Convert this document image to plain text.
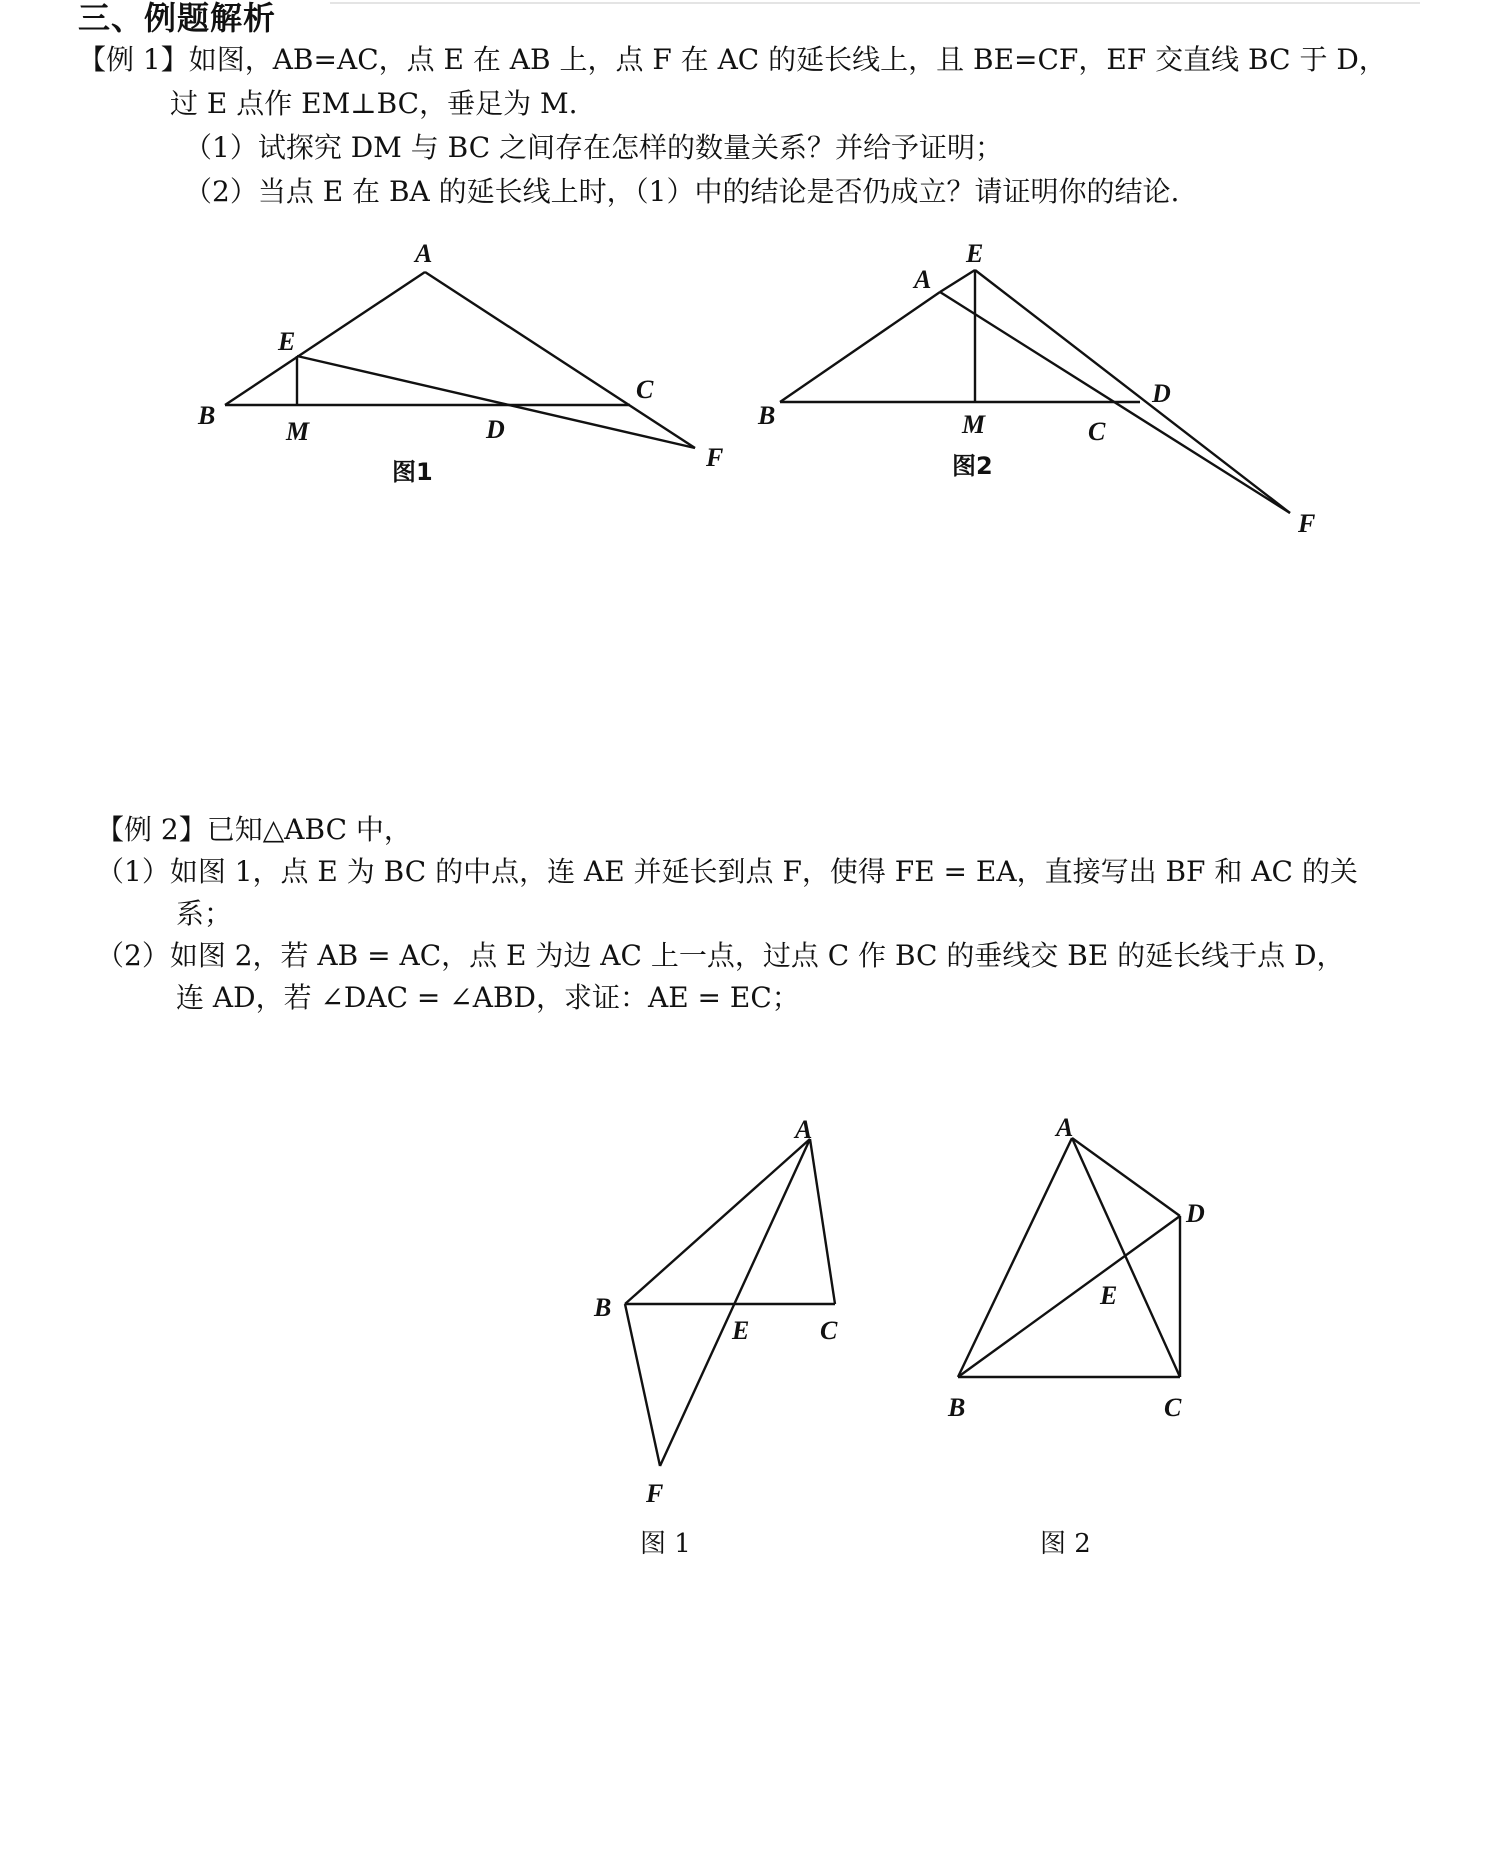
三、例题解析
【例 1】如图，AB=AC，点 E 在 AB 上，点 F 在 AC 的延长线上，且 BE=CF，EF 交直线 BC 于 D，
过 E 点作 EM⊥BC，垂足为 M.
（1）试探究 DM 与 BC 之间存在怎样的数量关系？并给予证明；
（2）当点 E 在 BA 的延长线上时，（1）中的结论是否仍成立？请证明你的结论.
A
E
B
M	D
C
F
图1
E
A
B	M	C
D
F
图2
【例 2】已知△ABC 中，
（1）如图 1，点 E 为 BC 的中点，连 AE 并延长到点 F，使得 FE = EA，直接写出 BF 和 AC 的关
系；
（2）如图 2，若 AB = AC，点 E 为边 AC 上一点，过点 C 作 BC 的垂线交 BE 的延长线于点 D，
连 AD，若 ∠DAC = ∠ABD，求证：AE = EC；
A
B
E	C
F
图 1
A
D
E
B	C
图 2
